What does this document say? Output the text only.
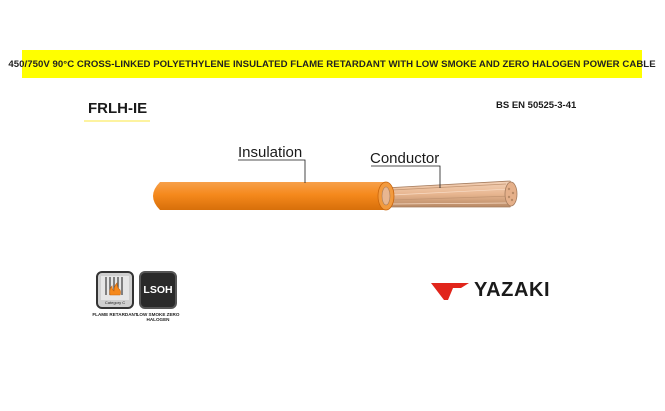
450/750V 90°C CROSS-LINKED POLYETHYLENE INSULATED FLAME RETARDANT WITH LOW SMOKE AND ZERO HALOGEN POWER CABLE
FRLH-IE	BS EN 50525-3-41
Insulation	Conductor
Category C
FLAME RETARDANT
LSOH
LOW SMOKE ZERO HALOGEN
YAZAKI
